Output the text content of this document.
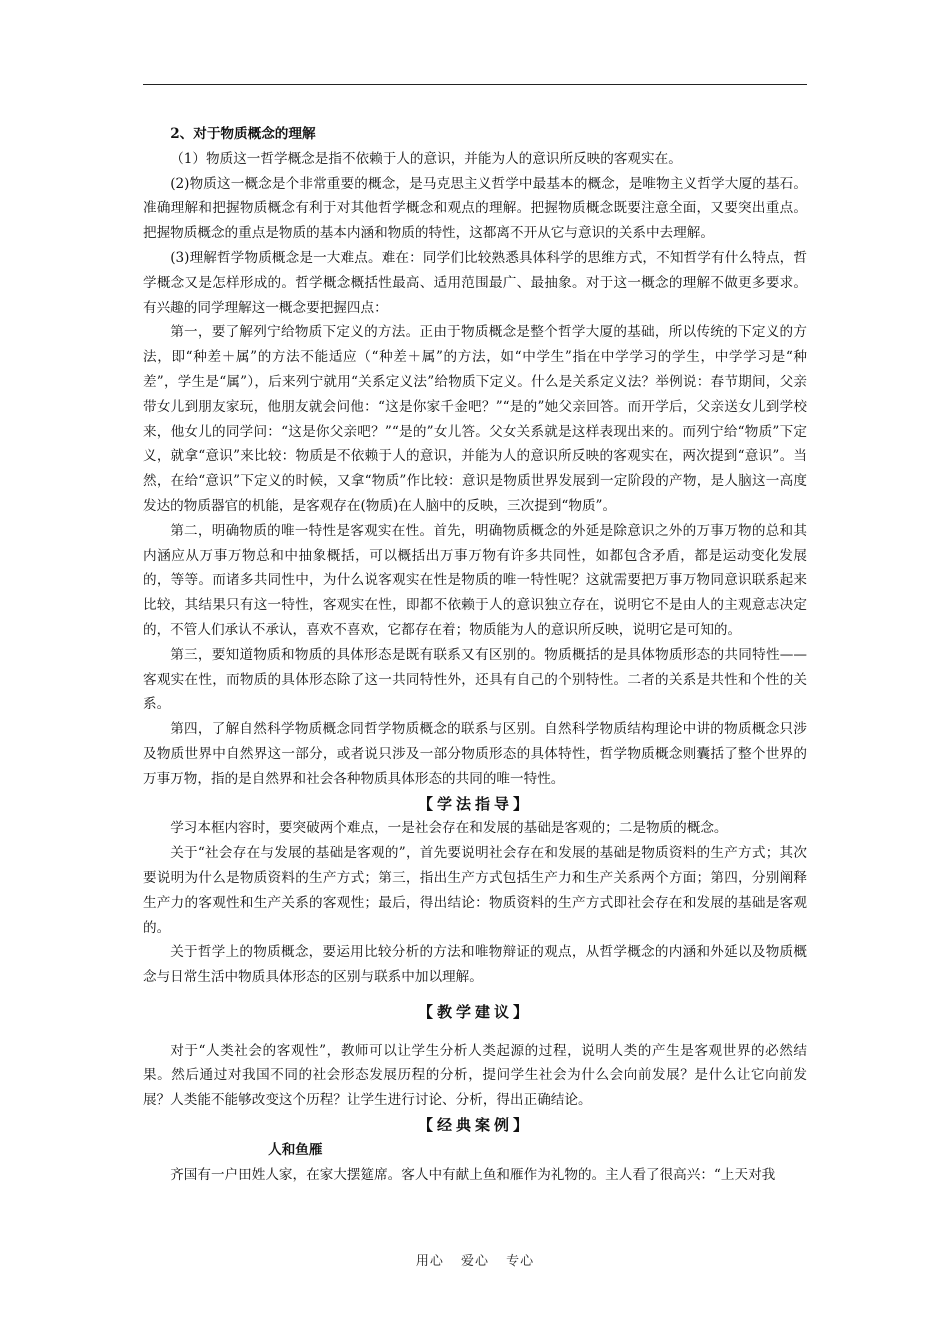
2、对于物质概念的理解

（1）物质这一哲学概念是指不依赖于人的意识，并能为人的意识所反映的客观实在。

(2)物质这一概念是个非常重要的概念，是马克思主义哲学中最基本的概念，是唯物主义哲学大厦的基石。准确理解和把握物质概念有利于对其他哲学概念和观点的理解。把握物质概念既要注意全面，又要突出重点。把握物质概念的重点是物质的基本内涵和物质的特性，这都离不开从它与意识的关系中去理解。

(3)理解哲学物质概念是一大难点。难在：同学们比较熟悉具体科学的思维方式，不知哲学有什么特点，哲学概念又是怎样形成的。哲学概念概括性最高、适用范围最广、最抽象。对于这一概念的理解不做更多要求。有兴趣的同学理解这一概念要把握四点：

第一，要了解列宁给物质下定义的方法。正由于物质概念是整个哲学大厦的基础，所以传统的下定义的方法，即“种差＋属”的方法不能适应（“种差＋属”的方法，如“中学生”指在中学学习的学生，中学学习是“种差”，学生是“属”），后来列宁就用“关系定义法”给物质下定义。什么是关系定义法？举例说：春节期间，父亲带女儿到朋友家玩，他朋友就会问他：“这是你家千金吧？”“是的”她父亲回答。而开学后，父亲送女儿到学校来，他女儿的同学问：“这是你父亲吧？”“是的”女儿答。父女关系就是这样表现出来的。而列宁给“物质”下定义，就拿“意识”来比较：物质是不依赖于人的意识，并能为人的意识所反映的客观实在，两次提到“意识”。当然，在给“意识”下定义的时候，又拿“物质”作比较：意识是物质世界发展到一定阶段的产物，是人脑这一高度发达的物质器官的机能，是客观存在(物质)在人脑中的反映，三次提到“物质”。

第二，明确物质的唯一特性是客观实在性。首先，明确物质概念的外延是除意识之外的万事万物的总和其内涵应从万事万物总和中抽象概括，可以概括出万事万物有许多共同性，如都包含矛盾，都是运动变化发展的，等等。而诸多共同性中，为什么说客观实在性是物质的唯一特性呢？这就需要把万事万物同意识联系起来比较，其结果只有这一特性，客观实在性，即都不依赖于人的意识独立存在，说明它不是由人的主观意志决定的，不管人们承认不承认，喜欢不喜欢，它都存在着；物质能为人的意识所反映，说明它是可知的。

第三，要知道物质和物质的具体形态是既有联系又有区别的。物质概括的是具体物质形态的共同特性——客观实在性，而物质的具体形态除了这一共同特性外，还具有自己的个别特性。二者的关系是共性和个性的关系。

第四，了解自然科学物质概念同哲学物质概念的联系与区别。自然科学物质结构理论中讲的物质概念只涉及物质世界中自然界这一部分，或者说只涉及一部分物质形态的具体特性，哲学物质概念则囊括了整个世界的万事万物，指的是自然界和社会各种物质具体形态的共同的唯一特性。

【学法指导】

学习本框内容时，要突破两个难点，一是社会存在和发展的基础是客观的；二是物质的概念。

关于“社会存在与发展的基础是客观的”，首先要说明社会存在和发展的基础是物质资料的生产方式；其次要说明为什么是物质资料的生产方式；第三，指出生产方式包括生产力和生产关系两个方面；第四，分别阐释生产力的客观性和生产关系的客观性；最后，得出结论：物质资料的生产方式即社会存在和发展的基础是客观的。

关于哲学上的物质概念，要运用比较分析的方法和唯物辩证的观点，从哲学概念的内涵和外延以及物质概念与日常生活中物质具体形态的区别与联系中加以理解。

【教学建议】

对于“人类社会的客观性”，教师可以让学生分析人类起源的过程，说明人类的产生是客观世界的必然结果。然后通过对我国不同的社会形态发展历程的分析，提问学生社会为什么会向前发展？是什么让它向前发展？人类能不能够改变这个历程？让学生进行讨论、分析，得出正确结论。

【经典案例】

人和鱼雁

齐国有一户田姓人家，在家大摆筵席。客人中有献上鱼和雁作为礼物的。主人看了很高兴：“上天对我

用心 爱心 专心
